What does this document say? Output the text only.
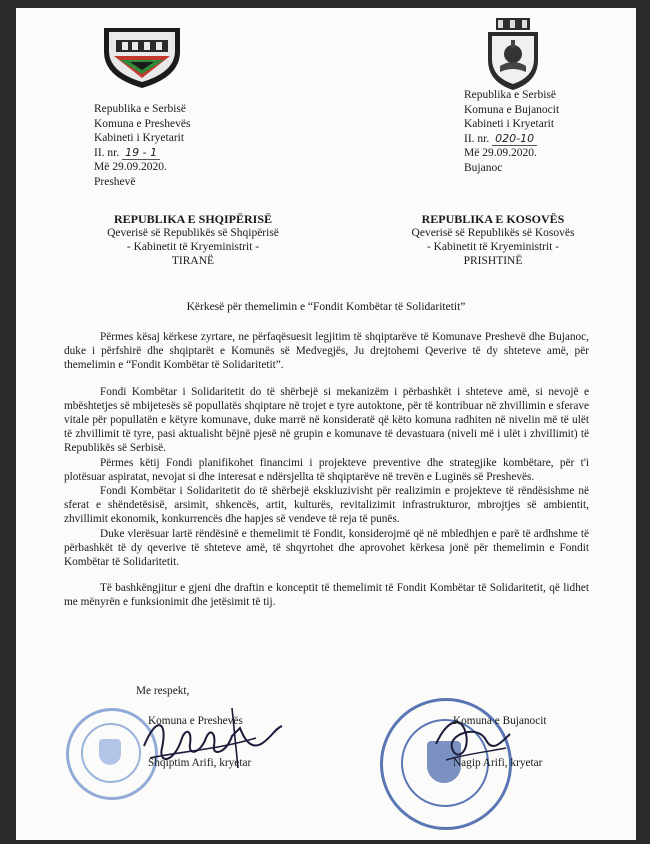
Republika e Serbisë
Komuna e Preshevës
Kabineti i Kryetarit
II. nr. 19 - 1
Më 29.09.2020.
Preshevë
Republika e Serbisë
Komuna e Bujanocit
Kabineti i Kryetarit
II. nr. 020-10
Më 29.09.2020.
Bujanoc
REPUBLIKA E SHQIPËRISË
Qeverisë së Republikës së Shqipërisë
- Kabinetit të Kryeministrit -
TIRANË
REPUBLIKA E KOSOVËS
Qeverisë së Republikës së Kosovës
- Kabinetit të Kryeministrit -
PRISHTINË
Kërkesë për themelimin e “Fondit Kombëtar të Solidaritetit”

Përmes kësaj kërkese zyrtare, ne përfaqësuesit legjitim të shqiptarëve të Komunave Preshevë dhe Bujanoc, duke i përfshirë dhe shqiptarët e Komunës së Medvegjës, Ju drejtohemi Qeverive të dy shteteve amë, për themelimin e “Fondit Kombëtar të Solidaritetit”.

Fondi Kombëtar i Solidaritetit do të shërbejë si mekanizëm i përbashkët i shteteve amë, si nevojë e mbështetjes së mbijetesës së popullatës shqiptare në trojet e tyre autoktone, për të kontribuar në zhvillimin e sferave vitale për popullatën e këtyre komunave, duke marrë në konsideratë që këto komuna radhiten në nivelin më të ulët të zhvillimit të tyre, pasi aktualisht bëjnë pjesë në grupin e komunave të devastuara (niveli më i ulët i zhvillimit) të Republikës së Serbisë.

Përmes këtij Fondi planifikohet financimi i projekteve preventive dhe strategjike kombëtare, për t'i plotësuar aspiratat, nevojat si dhe interesat e ndërsjellta të shqiptarëve në trevën e Luginës së Preshevës.

Fondi Kombëtar i Solidaritetit do të shërbejë ekskluzivisht për realizimin e projekteve të rëndësishme në sferat e shëndetësisë, arsimit, shkencës, artit, kulturës, revitalizimit infrastrukturor, mbrojtjes së ambientit, zhvillimit ekonomik, konkurrencës dhe hapjes së vendeve të reja të punës.

Duke vlerësuar lartë rëndësinë e themelimit të Fondit, konsiderojmë që në mbledhjen e parë të ardhshme të përbashkët të dy qeverive të shteteve amë, të shqyrtohet dhe aprovohet kërkesa jonë për themelimin e Fondit Kombëtar të Solidaritetit.

Të bashkëngjitur e gjeni dhe draftin e konceptit të themelimit të Fondit Kombëtar të Solidaritetit, që lidhet me mënyrën e funksionimit dhe jetësimit të tij.

Me respekt,
Komuna e Preshevës
Shqiptim Arifi, kryetar
Komuna e Bujanocit
Nagip Arifi, kryetar
